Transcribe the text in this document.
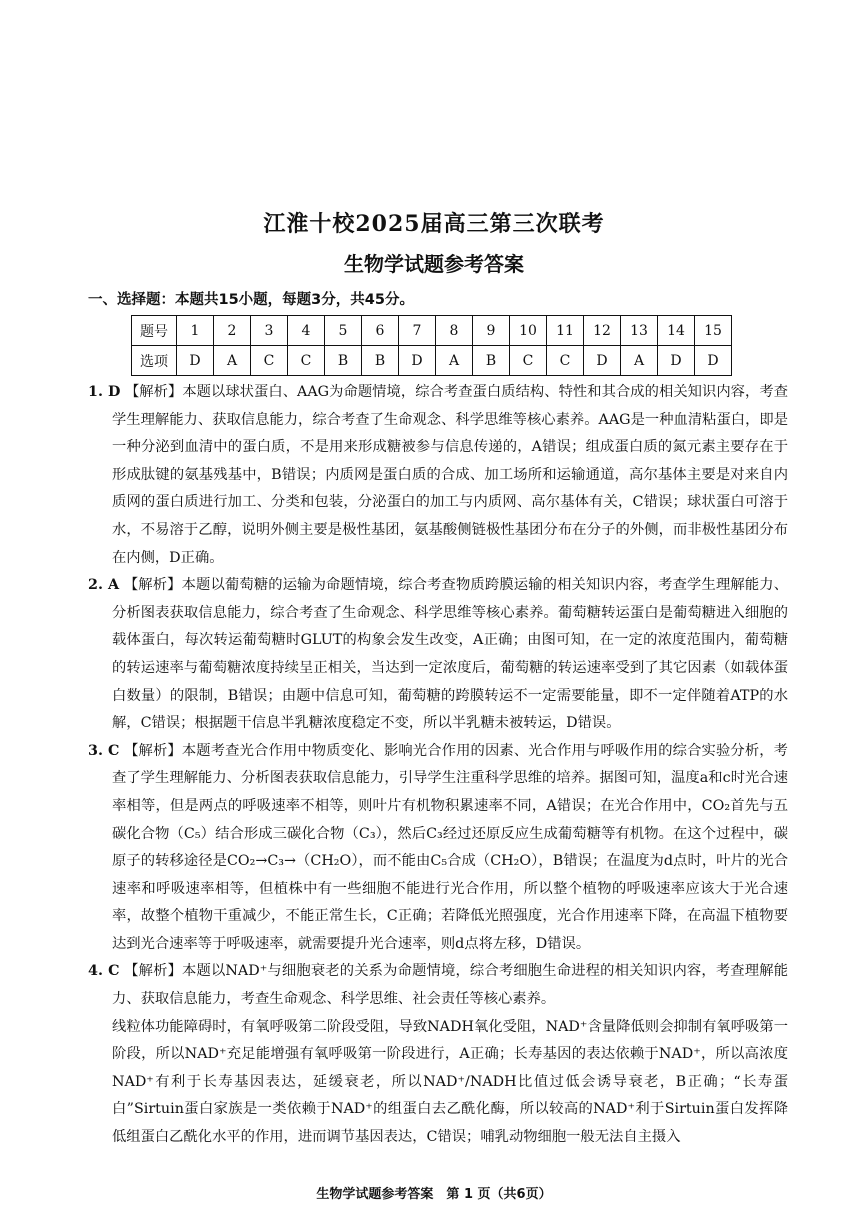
江淮十校2025届高三第三次联考
生物学试题参考答案
一、选择题：本题共15小题，每题3分，共45分。
题号	1	2	3	4	5	6	7	8	9	10	11	12	13	14	15
选项	D	A	C	C	B	B	D	A	B	C	C	D	A	D	D

1. D 【解析】本题以球状蛋白、AAG为命题情境，综合考查蛋白质结构、特性和其合成的相关知识内容，考查学生理解能力、获取信息能力，综合考查了生命观念、科学思维等核心素养。AAG是一种血清粘蛋白，即是一种分泌到血清中的蛋白质，不是用来形成糖被参与信息传递的，A错误；组成蛋白质的氮元素主要存在于形成肽键的氨基残基中，B错误；内质网是蛋白质的合成、加工场所和运输通道，高尔基体主要是对来自内质网的蛋白质进行加工、分类和包装，分泌蛋白的加工与内质网、高尔基体有关，C错误；球状蛋白可溶于水，不易溶于乙醇，说明外侧主要是极性基团，氨基酸侧链极性基团分布在分子的外侧，而非极性基团分布在内侧，D正确。

2. A 【解析】本题以葡萄糖的运输为命题情境，综合考查物质跨膜运输的相关知识内容，考查学生理解能力、分析图表获取信息能力，综合考查了生命观念、科学思维等核心素养。葡萄糖转运蛋白是葡萄糖进入细胞的载体蛋白，每次转运葡萄糖时GLUT的构象会发生改变，A正确；由图可知，在一定的浓度范围内，葡萄糖的转运速率与葡萄糖浓度持续呈正相关，当达到一定浓度后，葡萄糖的转运速率受到了其它因素（如载体蛋白数量）的限制，B错误；由题中信息可知，葡萄糖的跨膜转运不一定需要能量，即不一定伴随着ATP的水解，C错误；根据题干信息半乳糖浓度稳定不变，所以半乳糖未被转运，D错误。

3. C 【解析】本题考查光合作用中物质变化、影响光合作用的因素、光合作用与呼吸作用的综合实验分析，考查了学生理解能力、分析图表获取信息能力，引导学生注重科学思维的培养。据图可知，温度a和c时光合速率相等，但是两点的呼吸速率不相等，则叶片有机物积累速率不同，A错误；在光合作用中，CO₂首先与五碳化合物（C₅）结合形成三碳化合物（C₃），然后C₃经过还原反应生成葡萄糖等有机物。在这个过程中，碳原子的转移途径是CO₂→C₃→（CH₂O），而不能由C₅合成（CH₂O），B错误；在温度为d点时，叶片的光合速率和呼吸速率相等，但植株中有一些细胞不能进行光合作用，所以整个植物的呼吸速率应该大于光合速率，故整个植物干重减少，不能正常生长，C正确；若降低光照强度，光合作用速率下降，在高温下植物要达到光合速率等于呼吸速率，就需要提升光合速率，则d点将左移，D错误。

4. C 【解析】本题以NAD⁺与细胞衰老的关系为命题情境，综合考细胞生命进程的相关知识内容，考查理解能力、获取信息能力，考查生命观念、科学思维、社会责任等核心素养。

线粒体功能障碍时，有氧呼吸第二阶段受阻，导致NADH氧化受阻，NAD⁺含量降低则会抑制有氧呼吸第一阶段，所以NAD⁺充足能增强有氧呼吸第一阶段进行，A正确；长寿基因的表达依赖于NAD⁺，所以高浓度NAD⁺有利于长寿基因表达，延缓衰老，所以NAD⁺/NADH比值过低会诱导衰老，B正确；“长寿蛋白”Sirtuin蛋白家族是一类依赖于NAD⁺的组蛋白去乙酰化酶，所以较高的NAD⁺利于Sirtuin蛋白发挥降低组蛋白乙酰化水平的作用，进而调节基因表达，C错误；哺乳动物细胞一般无法自主摄入

生物学试题参考答案　第 1 页（共6页）
